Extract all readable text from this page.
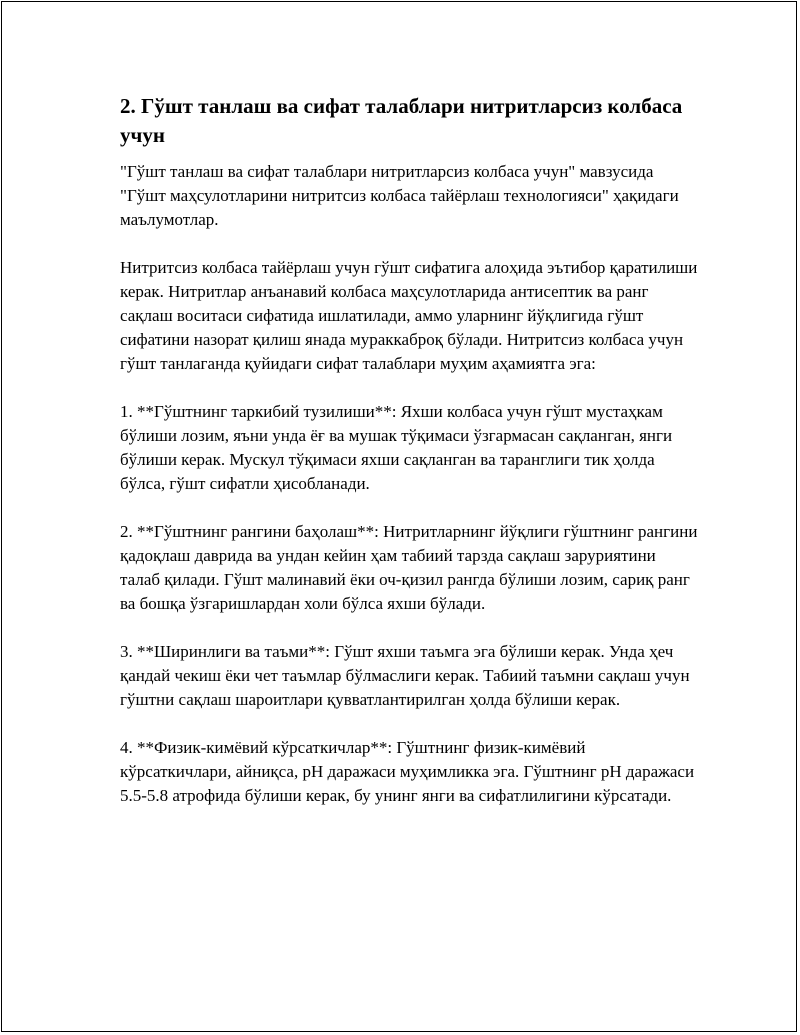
2. Гўшт танлаш ва сифат талаблари нитритларсиз колбаса учун

"Гўшт танлаш ва сифат талаблари нитритларсиз колбаса учун" мавзусида "Гўшт маҳсулотларини нитритсиз колбаса тайёрлаш технологияси" ҳақидаги маълумотлар.

Нитритсиз колбаса тайёрлаш учун гўшт сифатига алоҳида эътибор қаратилиши керак. Нитритлар анъанавий колбаса маҳсулотларида антисептик ва ранг сақлаш воситаси сифатида ишлатилади, аммо уларнинг йўқлигида гўшт сифатини назорат қилиш янада мураккаброқ бўлади. Нитритсиз колбаса учун гўшт танлаганда қуйидаги сифат талаблари муҳим аҳамиятга эга:

1. **Гўштнинг таркибий тузилиши**: Яхши колбаса учун гўшт мустаҳкам бўлиши лозим, яъни унда ёғ ва мушак тўқимаси ўзгармасан сақланган, янги бўлиши керак. Мускул тўқимаси яхши сақланган ва таранглиги тик ҳолда бўлса, гўшт сифатли ҳисобланади.

2. **Гўштнинг рангини баҳолаш**: Нитритларнинг йўқлиги гўштнинг рангини қадоқлаш даврида ва ундан кейин ҳам табиий тарзда сақлаш заруриятини талаб қилади. Гўшт малинавий ёки оч-қизил рангда бўлиши лозим, сариқ ранг ва бошқа ўзгаришлардан холи бўлса яхши бўлади.

3. **Ширинлиги ва таъми**: Гўшт яхши таъмга эга бўлиши керак. Унда ҳеч қандай чекиш ёки чет таъмлар бўлмаслиги керак. Табиий таъмни сақлаш учун гўштни сақлаш шароитлари қувватлантирилган ҳолда бўлиши керак.

4. **Физик-кимёвий кўрсаткичлар**: Гўштнинг физик-кимёвий кўрсаткичлари, айниқса, pH даражаси муҳимликка эга. Гўштнинг pH даражаси 5.5-5.8 атрофида бўлиши керак, бу унинг янги ва сифатлилигини кўрсатади.
